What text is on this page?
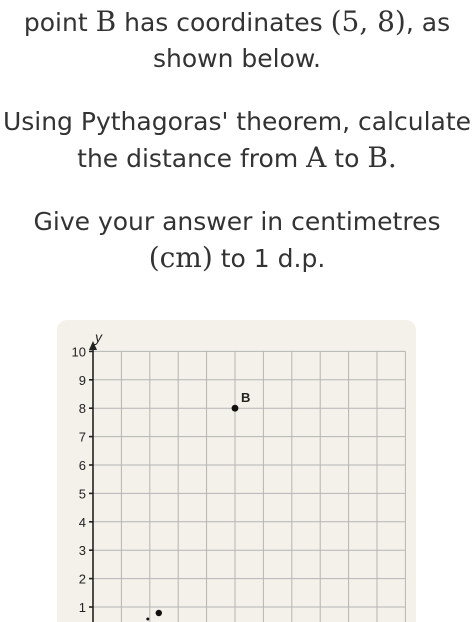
point B has coordinates (5, 8), as
shown below.
Using Pythagoras' theorem, calculate
the distance from A to B.
Give your answer in centimetres
(cm) to 1 d.p.
y
10
9
8
7
6
5
4
3
2
1
B
